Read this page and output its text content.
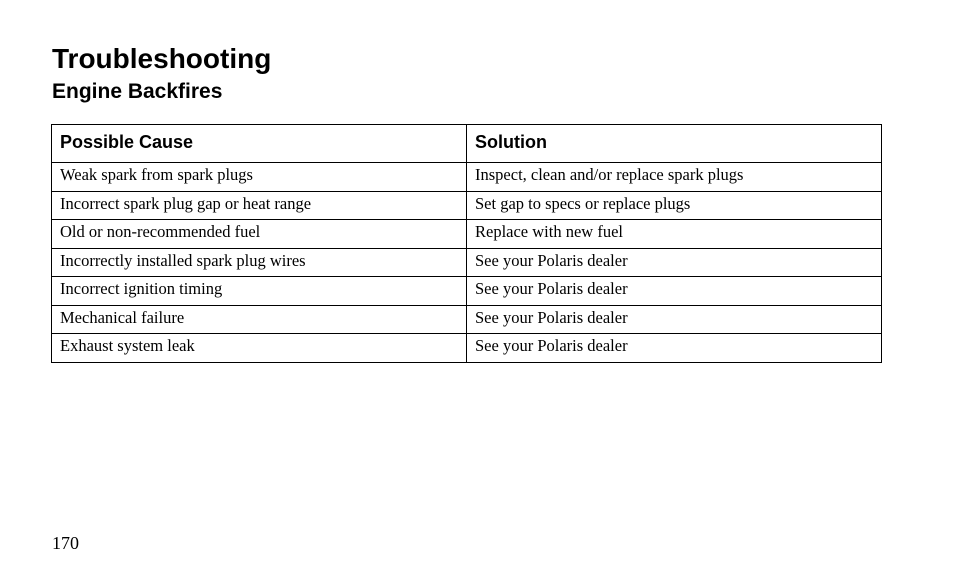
Troubleshooting
Engine Backfires
Possible Cause	Solution
Weak spark from spark plugs	Inspect, clean and/or replace spark plugs
Incorrect spark plug gap or heat range	Set gap to specs or replace plugs
Old or non-recommended fuel	Replace with new fuel
Incorrectly installed spark plug wires	See your Polaris dealer
Incorrect ignition timing	See your Polaris dealer
Mechanical failure	See your Polaris dealer
Exhaust system leak	See your Polaris dealer
170
